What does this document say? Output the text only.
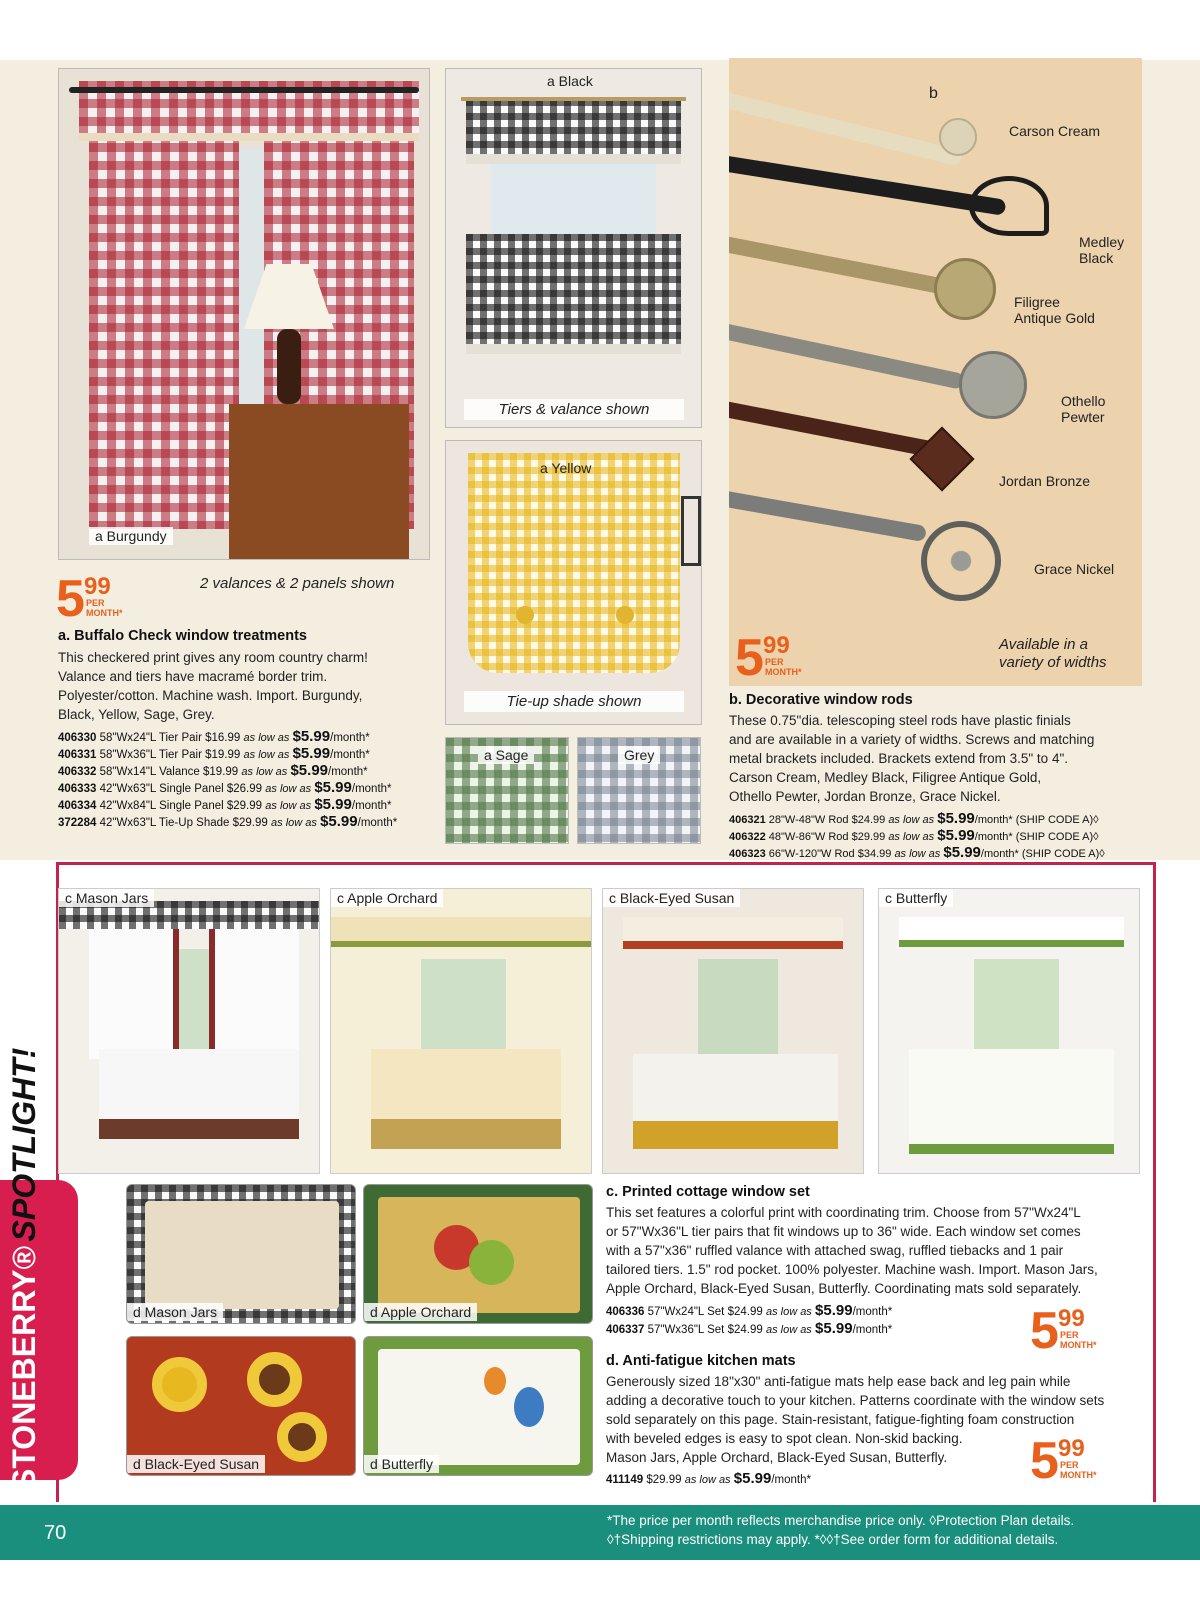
a Burgundy
a Black
Tiers & valance shown
a Yellow
Tie-up shade shown
a Sage	Grey
2 valances & 2 panels shown
5 99
PER
MONTH*
a. Buffalo Check window treatments
This checkered print gives any room country charm!
Valance and tiers have macramé border trim.
Polyester/cotton. Machine wash. Import. Burgundy,
Black, Yellow, Sage, Grey.
406330 58"Wx24"L Tier Pair $16.99 as low as $5.99/month*
406331 58"Wx36"L Tier Pair $19.99 as low as $5.99/month*
406332 58"Wx14"L Valance $19.99 as low as $5.99/month*
406333 42"Wx63"L Single Panel $26.99 as low as $5.99/month*
406334 42"Wx84"L Single Panel $29.99 as low as $5.99/month*
372284 42"Wx63"L Tie-Up Shade $29.99 as low as $5.99/month*
b
Carson Cream
Medley
Black
Filigree
Antique Gold
Othello
Pewter
Jordan Bronze
Grace Nickel
Available in a
variety of widths
5 99
PER
MONTH*
b. Decorative window rods
These 0.75"dia. telescoping steel rods have plastic finials
and are available in a variety of widths. Screws and matching
metal brackets included. Brackets extend from 3.5" to 4".
Carson Cream, Medley Black, Filigree Antique Gold,
Othello Pewter, Jordan Bronze, Grace Nickel.
406321 28"W-48"W Rod $24.99 as low as $5.99/month* (SHIP CODE A)◊
406322 48"W-86"W Rod $29.99 as low as $5.99/month* (SHIP CODE A)◊
406323 66"W-120"W Rod $34.99 as low as $5.99/month* (SHIP CODE A)◊
c Mason Jars	c Apple Orchard	c Black-Eyed Susan	c Butterfly
STONEBERRY® SPOTLIGHT!
d Mason Jars	d Apple Orchard
d Black-Eyed Susan	d Butterfly
c. Printed cottage window set
This set features a colorful print with coordinating trim. Choose from 57"Wx24"L
or 57"Wx36"L tier pairs that fit windows up to 36" wide. Each window set comes
with a 57"x36" ruffled valance with attached swag, ruffled tiebacks and 1 pair
tailored tiers. 1.5" rod pocket. 100% polyester. Machine wash. Import. Mason Jars,
Apple Orchard, Black-Eyed Susan, Butterfly. Coordinating mats sold separately.
406336 57"Wx24"L Set $24.99 as low as $5.99/month*
406337 57"Wx36"L Set $24.99 as low as $5.99/month*	5 99
PER
MONTH*
d. Anti-fatigue kitchen mats
Generously sized 18"x30" anti-fatigue mats help ease back and leg pain while
adding a decorative touch to your kitchen. Patterns coordinate with the window sets
sold separately on this page. Stain-resistant, fatigue-fighting foam construction
with beveled edges is easy to spot clean. Non-skid backing.
Mason Jars, Apple Orchard, Black-Eyed Susan, Butterfly.
411149 $29.99 as low as $5.99/month*	5 99
PER
MONTH*
70
*The price per month reflects merchandise price only. ◊Protection Plan details.
◊†Shipping restrictions may apply. *◊◊†See order form for additional details.
